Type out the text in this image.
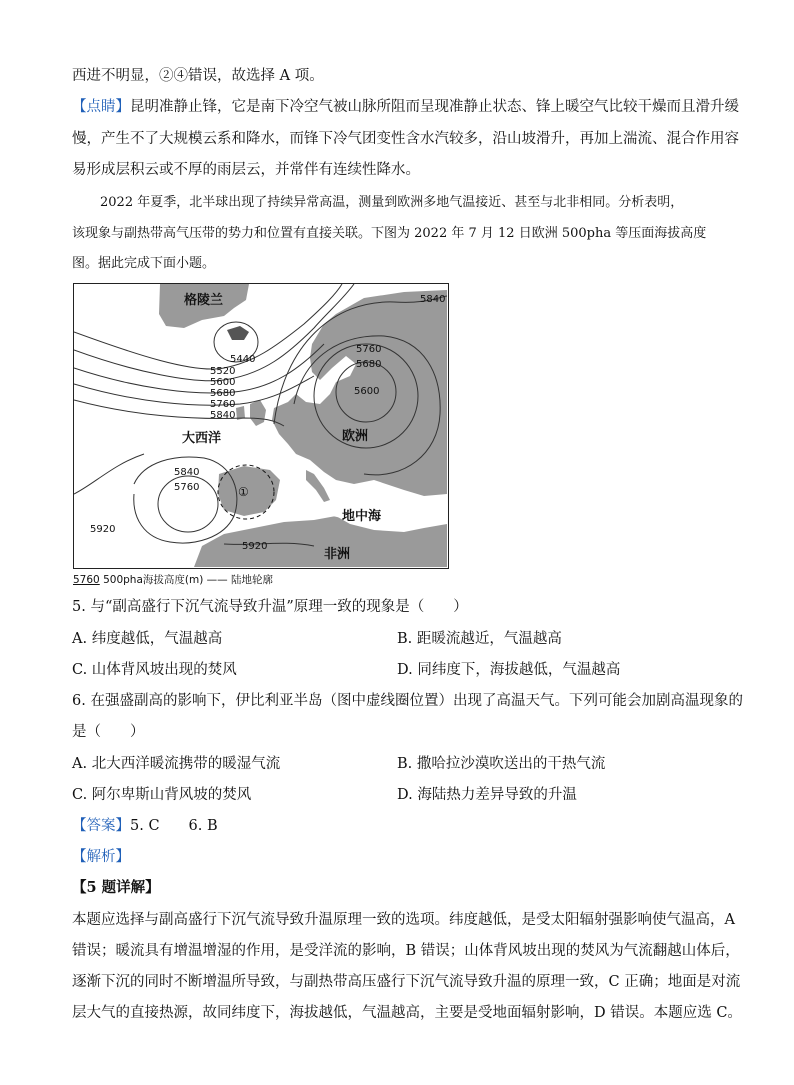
西进不明显，②④错误，故选择 A 项。
【点睛】昆明准静止锋，它是南下冷空气被山脉所阻而呈现准静止状态、锋上暖空气比较干燥而且滑升缓
慢，产生不了大规模云系和降水，而锋下冷气团变性含水汽较多，沿山坡滑升，再加上湍流、混合作用容
易形成层积云或不厚的雨层云，并常伴有连续性降水。
2022 年夏季，北半球出现了持续异常高温，测量到欧洲多地气温接近、甚至与北非相同。分析表明，
该现象与副热带高气压带的势力和位置有直接关联。下图为 2022 年 7 月 12 日欧洲 500pha 等压面海拔高度
图。据此完成下面小题。
5840
5440
5520
5600
5680
5760
5840
5760
5680
5600
5840
5760
5920
5920
格陵兰
大西洋	欧洲
地中海
非洲
①
5760 500pha海拔高度(m) —— 陆地轮廓
5. 与“副高盛行下沉气流导致升温”原理一致的现象是（　　）
A. 纬度越低，气温越高	B. 距暖流越近，气温越高
C. 山体背风坡出现的焚风	D. 同纬度下，海拔越低，气温越高
6. 在强盛副高的影响下，伊比利亚半岛（图中虚线圈位置）出现了高温天气。下列可能会加剧高温现象的
是（　　）
A. 北大西洋暖流携带的暖湿气流	B. 撒哈拉沙漠吹送出的干热气流
C. 阿尔卑斯山背风坡的焚风	D. 海陆热力差异导致的升温
【答案】5. C　　6. B
【解析】
【5 题详解】
本题应选择与副高盛行下沉气流导致升温原理一致的选项。纬度越低，是受太阳辐射强影响使气温高，A
错误；暖流具有增温增湿的作用，是受洋流的影响，B 错误；山体背风坡出现的焚风为气流翻越山体后，
逐渐下沉的同时不断增温所导致，与副热带高压盛行下沉气流导致升温的原理一致，C 正确；地面是对流
层大气的直接热源，故同纬度下，海拔越低，气温越高，主要是受地面辐射影响，D 错误。本题应选 C。
